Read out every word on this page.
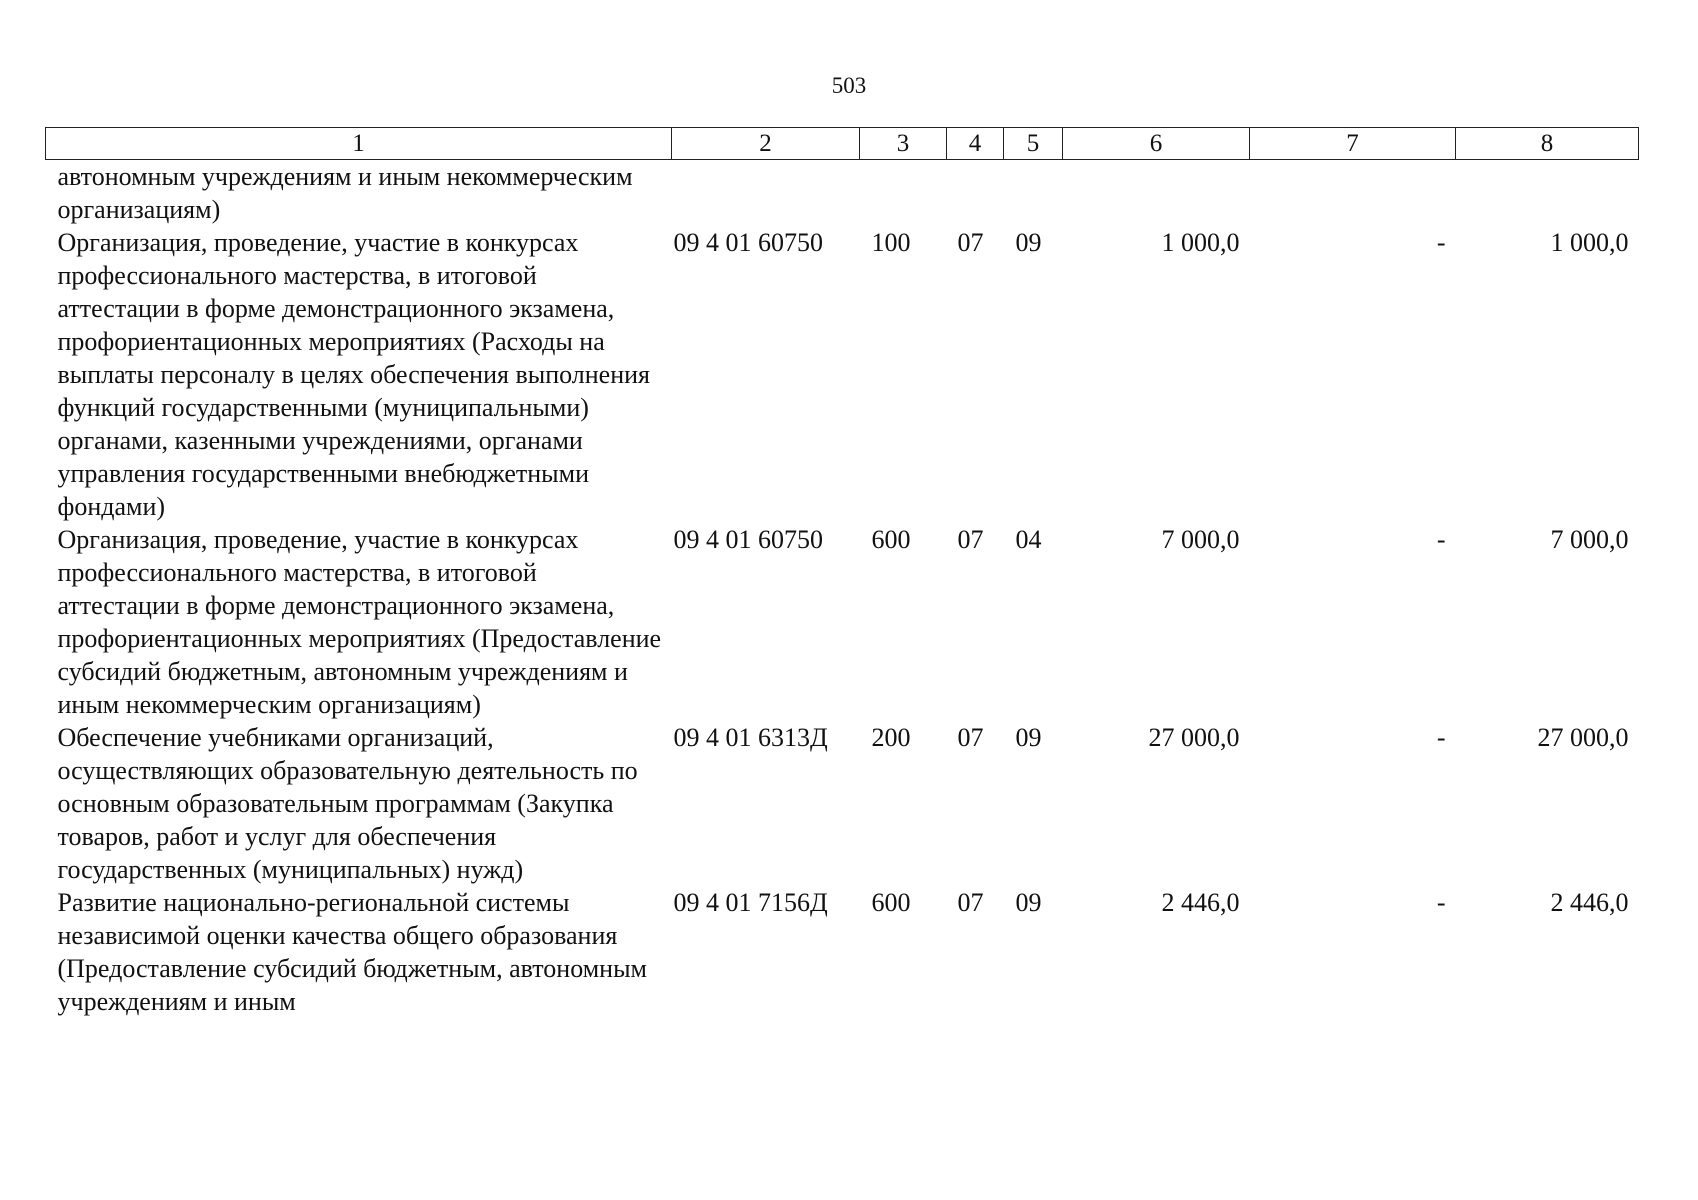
503
1	2	3	4	5	6	7	8
автономным учреждениям и иным некоммерческим организациям)							
Организация, проведение, участие в конкурсах профессионального мастерства, в итоговой аттестации в форме демонстрационного экзамена, профориентационных мероприятиях (Расходы на выплаты персоналу в целях обеспечения выполнения функций государственными (муниципальными) органами, казенными учреждениями, органами управления государственными внебюджетными фондами)	09 4 01 60750	100	07	09	1 000,0	-	1 000,0
Организация, проведение, участие в конкурсах профессионального мастерства, в итоговой аттестации в форме демонстрационного экзамена, профориентационных мероприятиях (Предоставление субсидий бюджетным, автономным учреждениям и иным некоммерческим организациям)	09 4 01 60750	600	07	04	7 000,0	-	7 000,0
Обеспечение учебниками организаций, осуществляющих образовательную деятельность по основным образовательным программам (Закупка товаров, работ и услуг для обеспечения государственных (муниципальных) нужд)	09 4 01 6313Д	200	07	09	27 000,0	-	27 000,0
Развитие национально-региональной системы независимой оценки качества общего образования (Предоставление субсидий бюджетным, автономным учреждениям и иным	09 4 01 7156Д	600	07	09	2 446,0	-	2 446,0
